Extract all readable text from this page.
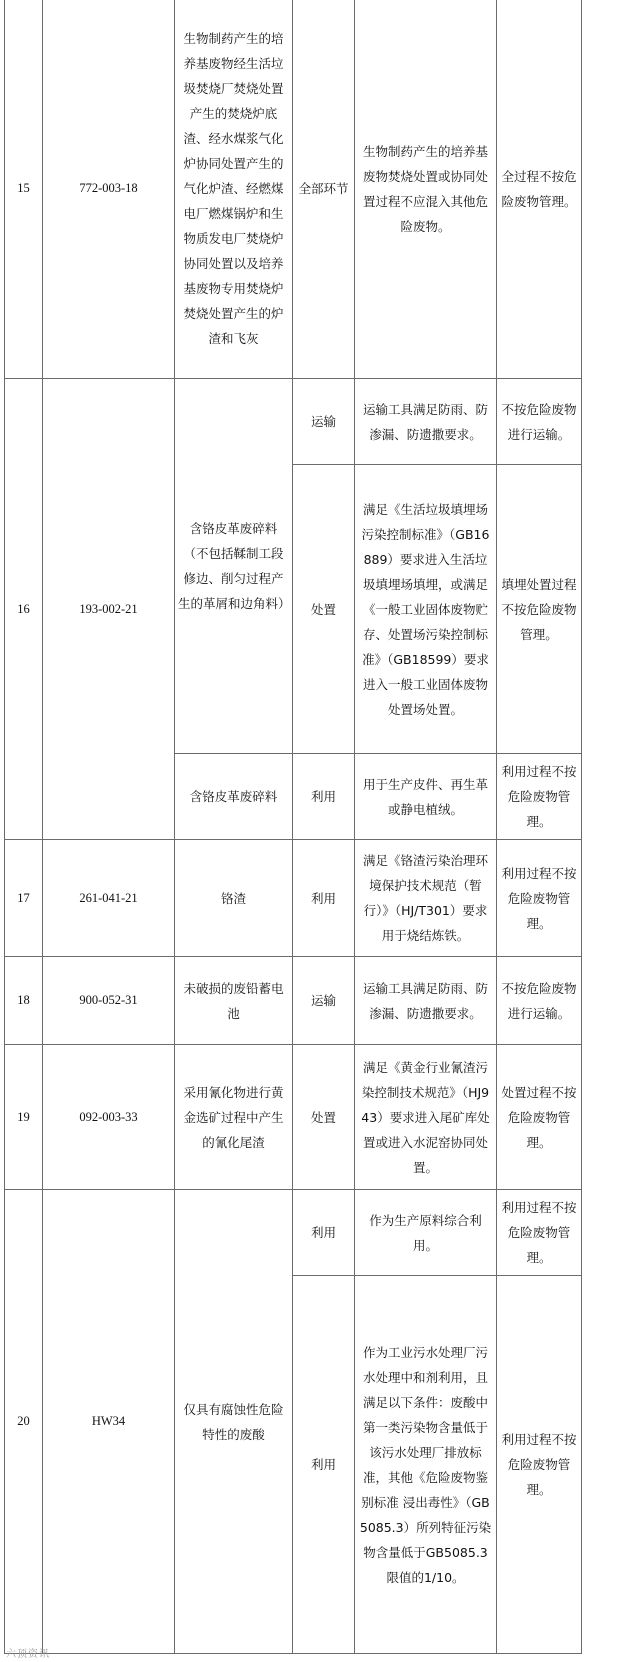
15	772-003-18	生物制药产生的培养基废物经生活垃圾焚烧厂焚烧处置产生的焚烧炉底渣、经水煤浆气化炉协同处置产生的气化炉渣、经燃煤电厂燃煤锅炉和生物质发电厂焚烧炉协同处置以及培养基废物专用焚烧炉焚烧处置产生的炉渣和飞灰	全部环节	生物制药产生的培养基废物焚烧处置或协同处置过程不应混入其他危险废物。	全过程不按危险废物管理。
16	193-002-21	含铬皮革废碎料（不包括鞣制工段修边、削匀过程产生的革屑和边角料）	运输	运输工具满足防雨、防渗漏、防遗撒要求。	不按危险废物进行运输。
			处置	满足《生活垃圾填埋场污染控制标准》（GB16889）要求进入生活垃圾填埋场填埋，或满足《一般工业固体废物贮存、处置场污染控制标准》（GB18599）要求进入一般工业固体废物处置场处置。	填埋处置过程不按危险废物管理。
		含铬皮革废碎料	利用	用于生产皮件、再生革或静电植绒。	利用过程不按危险废物管理。
17	261-041-21	铬渣	利用	满足《铬渣污染治理环境保护技术规范（暂行）》（HJ/T301）要求用于烧结炼铁。	利用过程不按危险废物管理。
18	900-052-31	未破损的废铅蓄电池	运输	运输工具满足防雨、防渗漏、防遗撒要求。	不按危险废物进行运输。
19	092-003-33	采用氰化物进行黄金选矿过程中产生的氰化尾渣	处置	满足《黄金行业氰渣污染控制技术规范》（HJ943）要求进入尾矿库处置或进入水泥窑协同处置。	处置过程不按危险废物管理。
20	HW34	仅具有腐蚀性危险特性的废酸	利用	作为生产原料综合利用。	利用过程不按危险废物管理。
			利用	作为工业污水处理厂污水处理中和剂利用，且满足以下条件：废酸中第一类污染物含量低于该污水处理厂排放标准，其他《危险废物鉴别标准 浸出毒性》（GB5085.3）所列特征污染物含量低于GB5085.3限值的1/10。	利用过程不按危险废物管理。
六顶资讯
